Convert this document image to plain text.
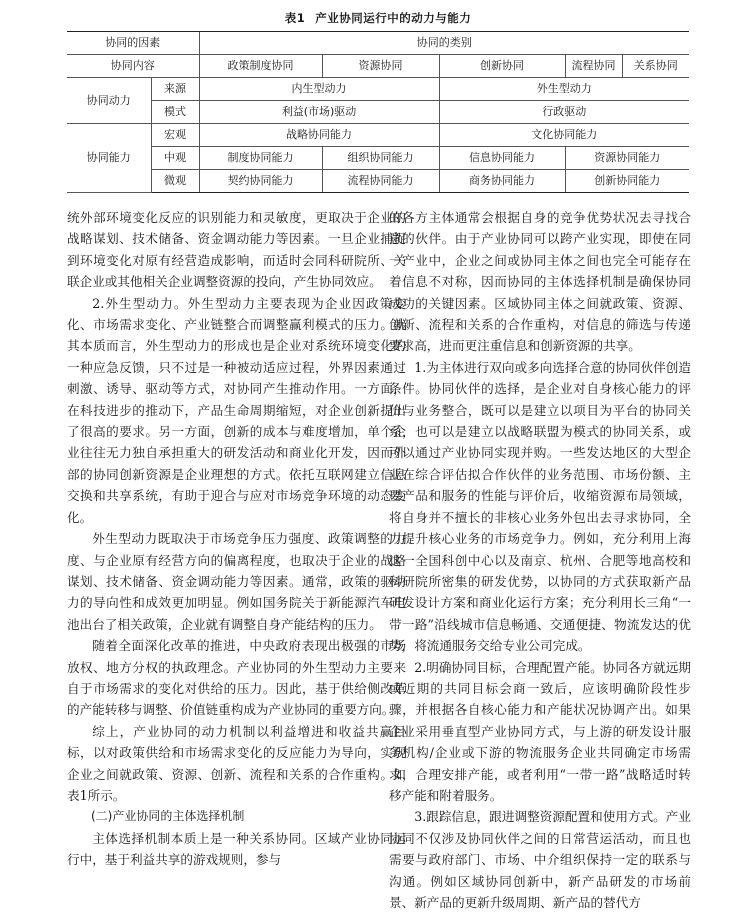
表1 产业协同运行中的动力与能力
协同的因素		协同的类别				
协同内容		政策制度协同	资源协同	创新协同	流程协同	关系协同
协同动力	来源	内生型动力		外生型动力		
	模式	利益(市场)驱动		行政驱动		
协同能力	宏观	战略协同能力		文化协同能力		
	中观	制度协同能力	组织协同能力	信息协同能力	资源协同能力	
	微观	契约协同能力	流程协同能力	商务协同能力	创新协同能力	

统外部环境变化反应的识别能力和灵敏度，更取决于企业的战略谋划、技术储备、资金调动能力等因素。一旦企业捕捉到环境变化对原有经营造成影响，而适时会同科研院所、关联企业或其他相关企业调整资源的投向，产生协同效应。

2.外生型动力。外生型动力主要表现为企业因政策变化、市场需求变化、产业链整合而调整赢利模式的压力。就其本质而言，外生型动力的形成也是企业对系统环境变化的一种应急反馈，只不过是一种被动适应过程，外界因素通过刺激、诱导、驱动等方式，对协同产生推动作用。一方面，在科技进步的推动下，产品生命周期缩短，对企业创新提出了很高的要求。另一方面，创新的成本与难度增加，单个企业往往无力独自承担重大的研发活动和商业化开发，因而外部的协同创新资源是企业理想的方式。依托互联网建立信息交换和共享系统，有助于迎合与应对市场竞争环境的动态变化。

外生型动力既取决于市场竞争压力强度、政策调整的力度、与企业原有经营方向的偏离程度，也取决于企业的战略谋划、技术储备、资金调动能力等因素。通常，政策的驱动力的导向性和成效更加明显。例如国务院关于新能源汽车电池出台了相关政策，企业就有调整自身产能结构的压力。

随着全面深化改革的推进，中央政府表现出极强的市场放权、地方分权的执政理念。产业协同的外生型动力主要来自于市场需求的变化对供给的压力。因此，基于供给侧改革的产能转移与调整、价值链重构成为产业协同的重要方向。

综上，产业协同的动力机制以利益增进和收益共赢目标，以对政策供给和市场需求变化的反应能力为导向，实现企业之间就政策、资源、创新、流程和关系的合作重构。如表1所示。

(二)产业协同的主体选择机制

主体选择机制本质上是一种关系协同。区域产业协同运行中，基于利益共享的游戏规则，参与

的各方主体通常会根据自身的竞争优势状况去寻找合意的伙伴。由于产业协同可以跨产业实现，即使在同一产业中，企业之间或协同主体之间也完全可能存在着信息不对称，因而协同的主体选择机制是确保协同成功的关键因素。区域协同主体之间就政策、资源、创新、流程和关系的合作重构，对信息的筛选与传递要求高，进而更注重信息和创新资源的共享。

1.为主体进行双向或多向选择合意的协同伙伴创造条件。协同伙伴的选择，是企业对自身核心能力的评价与业务整合，既可以是建立以项目为平台的协同关系，也可以是建立以战略联盟为模式的协同关系，或可以通过产业协同实现并购。一些发达地区的大型企业在综合评估拟合作伙伴的业务范围、市场份额、主要产品和服务的性能与评价后，收缩资源布局领域，将自身并不擅长的非核心业务外包出去寻求协同，全力提升核心业务的市场竞争力。例如，充分利用上海这一全国科创中心以及南京、杭州、合肥等地高校和科研院所密集的研发优势，以协同的方式获取新产品研发设计方案和商业化运行方案；充分利用长三角“一带一路”沿线城市信息畅通、交通便捷、物流发达的优势，将流通服务交给专业公司完成。

2.明确协同目标，合理配置产能。协同各方就远期或近期的共同目标会商一致后，应该明确阶段性步骤，并根据各自核心能力和产能状况协调产出。如果企业采用垂直型产业协同方式，与上游的研发设计服务机构/企业或下游的物流服务企业共同确定市场需求，合理安排产能，或者利用“一带一路”战略适时转移产能和附着服务。

3.跟踪信息，跟进调整资源配置和使用方式。产业协同不仅涉及协同伙伴之间的日常营运活动，而且也需要与政府部门、市场、中介组织保持一定的联系与沟通。例如区域协同创新中，新产品研发的市场前景、新产品的更新升级周期、新产品的替代方
